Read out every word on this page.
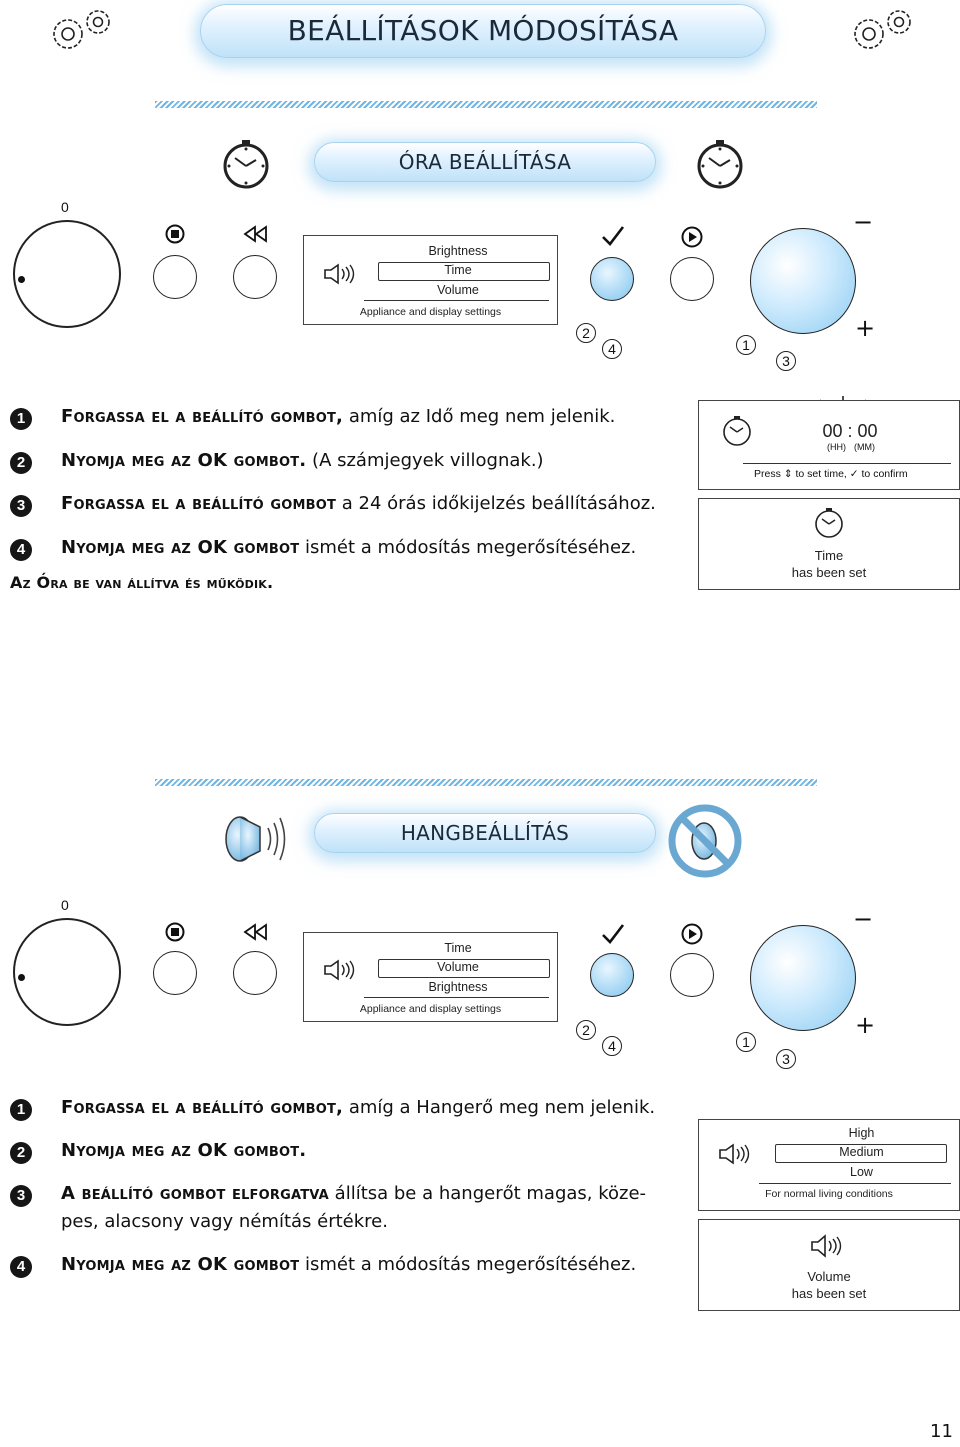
BEÁLLÍTÁSOK MÓDOSÍTÁSA
ÓRA BEÁLLÍTÁSA
0
Brightness
Time
Volume
Appliance and display settings
−
+
2
4	1
3
1	Forgassa el a beállító gombot, amíg az Idő meg nem jelenik.
2	Nyomja meg az OK gombot. (A számjegyek villognak.)
3	Forgassa el a beállító gombot a 24 órás időkijelzés beállításához.
4	Nyomja meg az OK gombot ismét a módosítás megerősítéséhez.
Az Óra be van állítva és működik.
00 : 00
(HH) (MM)
Press ⇕ to set time, ✓ to confirm
Time
has been set
HANGBEÁLLÍTÁS
0
Time
Volume
Brightness
Appliance and display settings
−
+
2
4	1
3
1	Forgassa el a beállító gombot, amíg a Hangerő meg nem jelenik.
2	Nyomja meg az OK gombot.
3	A beállító gombot elforgatva állítsa be a hangerőt magas, köze-
pes, alacsony vagy némítás értékre.
4	Nyomja meg az OK gombot ismét a módosítás megerősítéséhez.
High
Medium
Low
For normal living conditions
Volume
has been set
11
